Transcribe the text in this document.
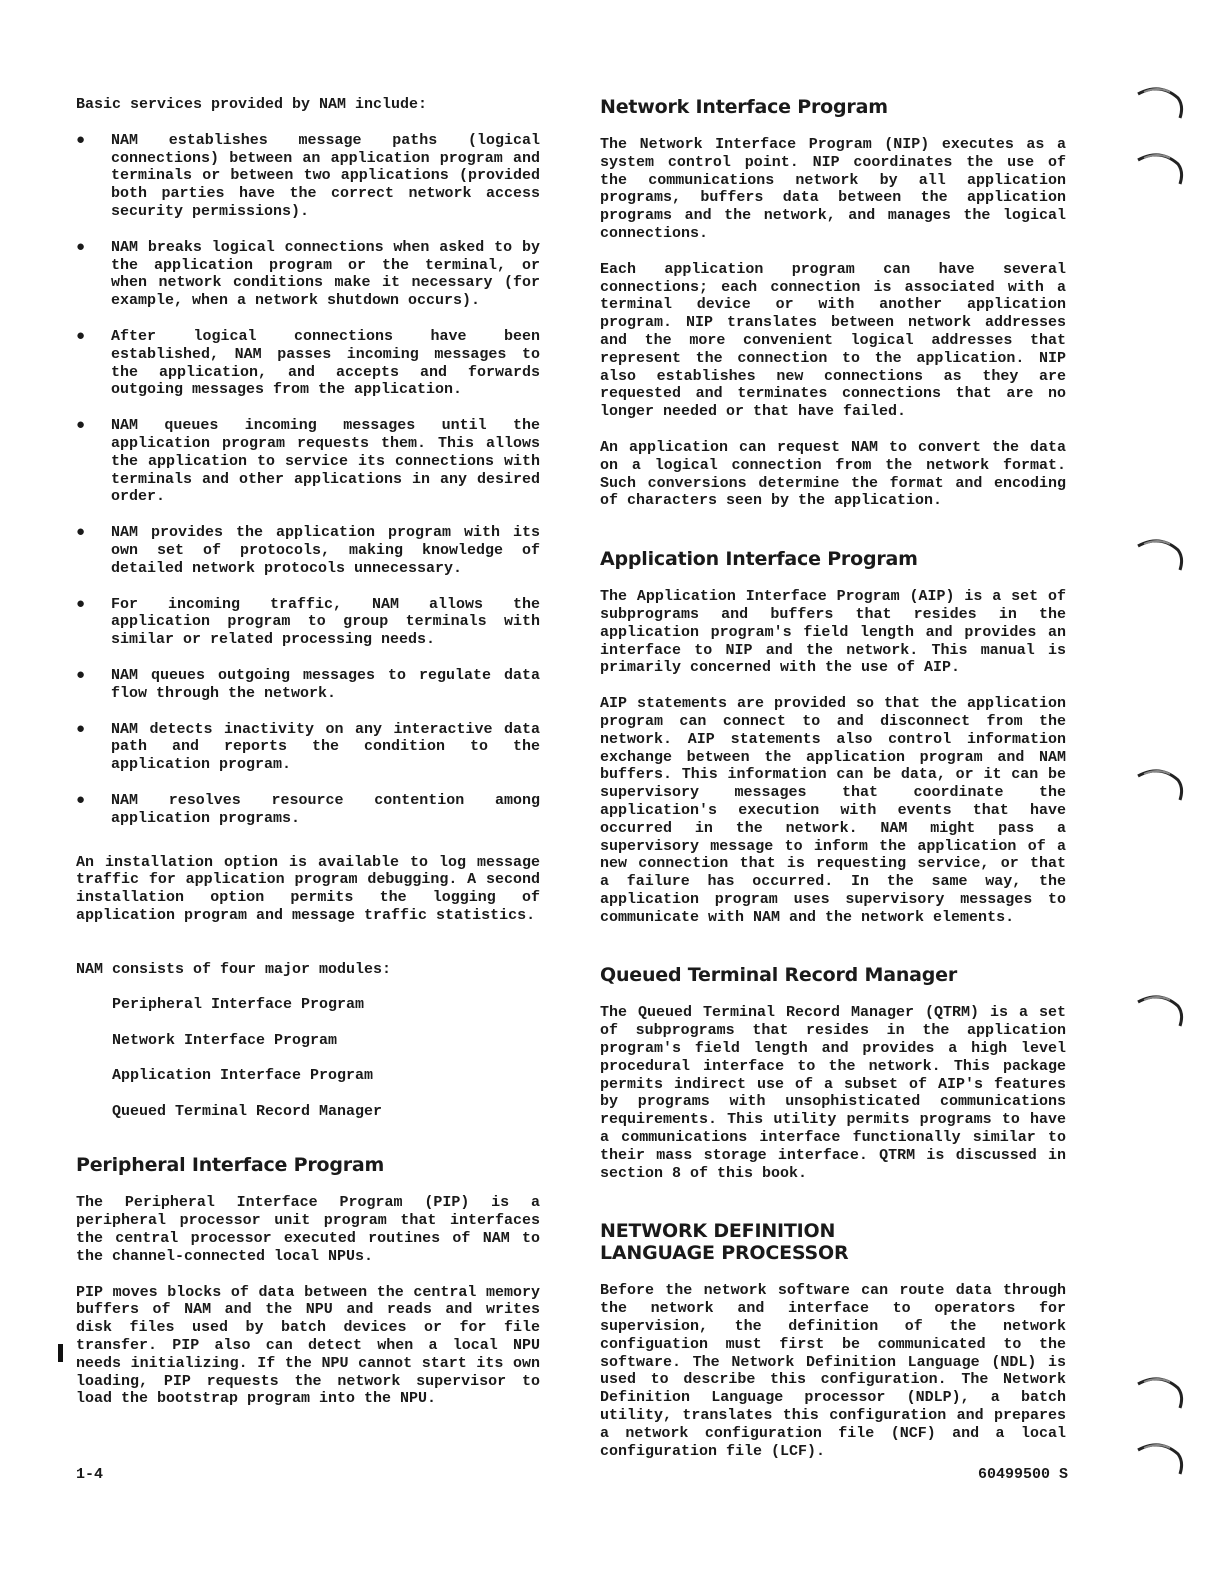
Basic services provided by NAM include:

● NAM establishes message paths (logical connections) between an application program and terminals or between two applications (provided both parties have the correct network access security permissions).
● NAM breaks logical connections when asked to by the application program or the terminal, or when network conditions make it necessary (for example, when a network shutdown occurs).
● After logical connections have been established, NAM passes incoming messages to the application, and accepts and forwards outgoing messages from the application.
● NAM queues incoming messages until the application program requests them. This allows the application to service its connections with terminals and other applications in any desired order.
● NAM provides the application program with its own set of protocols, making knowledge of detailed network protocols unnecessary.
● For incoming traffic, NAM allows the application program to group terminals with similar or related processing needs.
● NAM queues outgoing messages to regulate data flow through the network.
● NAM detects inactivity on any interactive data path and reports the condition to the application program.
● NAM resolves resource contention among application programs.

An installation option is available to log message traffic for application program debugging. A second installation option permits the logging of application program and message traffic statistics.

NAM consists of four major modules:

Peripheral Interface Program
Network Interface Program
Application Interface Program
Queued Terminal Record Manager
Peripheral Interface Program

The Peripheral Interface Program (PIP) is a peripheral processor unit program that interfaces the central processor executed routines of NAM to the channel-connected local NPUs.

PIP moves blocks of data between the central memory buffers of NAM and the NPU and reads and writes disk files used by batch devices or for file transfer. PIP also can detect when a local NPU needs initializing. If the NPU cannot start its own loading, PIP requests the network supervisor to load the bootstrap program into the NPU.

Network Interface Program

The Network Interface Program (NIP) executes as a system control point. NIP coordinates the use of the communications network by all application programs, buffers data between the application programs and the network, and manages the logical connections.

Each application program can have several connections; each connection is associated with a terminal device or with another application program. NIP translates between network addresses and the more convenient logical addresses that represent the connection to the application. NIP also establishes new connections as they are requested and terminates connections that are no longer needed or that have failed.

An application can request NAM to convert the data on a logical connection from the network format. Such conversions determine the format and encoding of characters seen by the application.

Application Interface Program

The Application Interface Program (AIP) is a set of subprograms and buffers that resides in the application program's field length and provides an interface to NIP and the network. This manual is primarily concerned with the use of AIP.

AIP statements are provided so that the application program can connect to and disconnect from the network. AIP statements also control information exchange between the application program and NAM buffers. This information can be data, or it can be supervisory messages that coordinate the application's execution with events that have occurred in the network. NAM might pass a supervisory message to inform the application of a new connection that is requesting service, or that a failure has occurred. In the same way, the application program uses supervisory messages to communicate with NAM and the network elements.

Queued Terminal Record Manager

The Queued Terminal Record Manager (QTRM) is a set of subprograms that resides in the application program's field length and provides a high level procedural interface to the network. This package permits indirect use of a subset of AIP's features by programs with unsophisticated communications requirements. This utility permits programs to have a communications interface functionally similar to their mass storage interface. QTRM is discussed in section 8 of this book.

NETWORK DEFINITION LANGUAGE PROCESSOR

Before the network software can route data through the network and interface to operators for supervision, the definition of the network configuation must first be communicated to the software. The Network Definition Language (NDL) is used to describe this configuration. The Network Definition Language processor (NDLP), a batch utility, translates this configuration and prepares a network configuration file (NCF) and a local configuration file (LCF).

1-4	60499500 S
